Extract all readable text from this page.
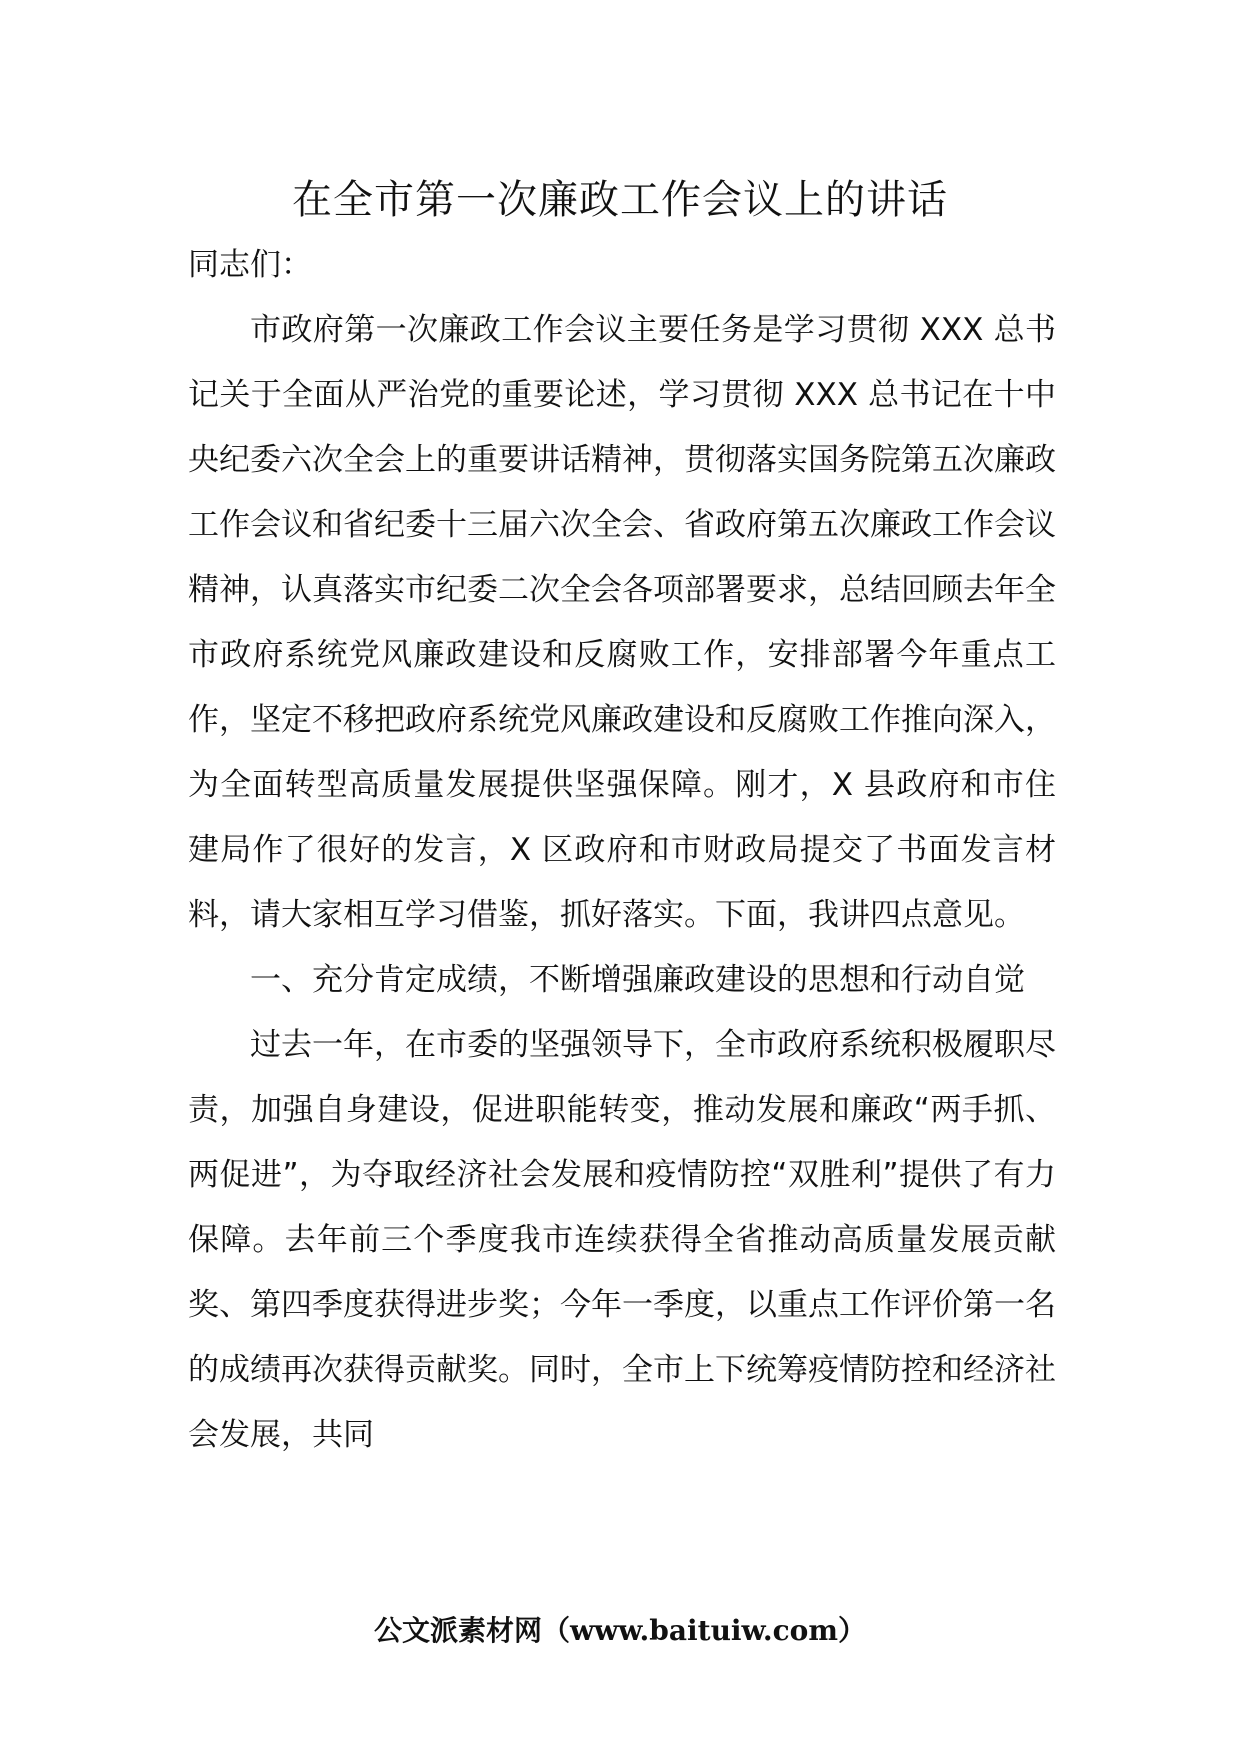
在全市第一次廉政工作会议上的讲话

同志们：

市政府第一次廉政工作会议主要任务是学习贯彻 XXX 总书记关于全面从严治党的重要论述，学习贯彻 XXX 总书记在十中央纪委六次全会上的重要讲话精神，贯彻落实国务院第五次廉政工作会议和省纪委十三届六次全会、省政府第五次廉政工作会议精神，认真落实市纪委二次全会各项部署要求，总结回顾去年全市政府系统党风廉政建设和反腐败工作，安排部署今年重点工作，坚定不移把政府系统党风廉政建设和反腐败工作推向深入，为全面转型高质量发展提供坚强保障。刚才，X 县政府和市住建局作了很好的发言，X 区政府和市财政局提交了书面发言材料，请大家相互学习借鉴，抓好落实。下面，我讲四点意见。

一、充分肯定成绩，不断增强廉政建设的思想和行动自觉

过去一年，在市委的坚强领导下，全市政府系统积极履职尽责，加强自身建设，促进职能转变，推动发展和廉政“两手抓、两促进”，为夺取经济社会发展和疫情防控“双胜利”提供了有力保障。去年前三个季度我市连续获得全省推动高质量发展贡献奖、第四季度获得进步奖；今年一季度，以重点工作评价第一名的成绩再次获得贡献奖。同时，全市上下统筹疫情防控和经济社会发展，共同

公文派素材网（www.baituiw.com）
